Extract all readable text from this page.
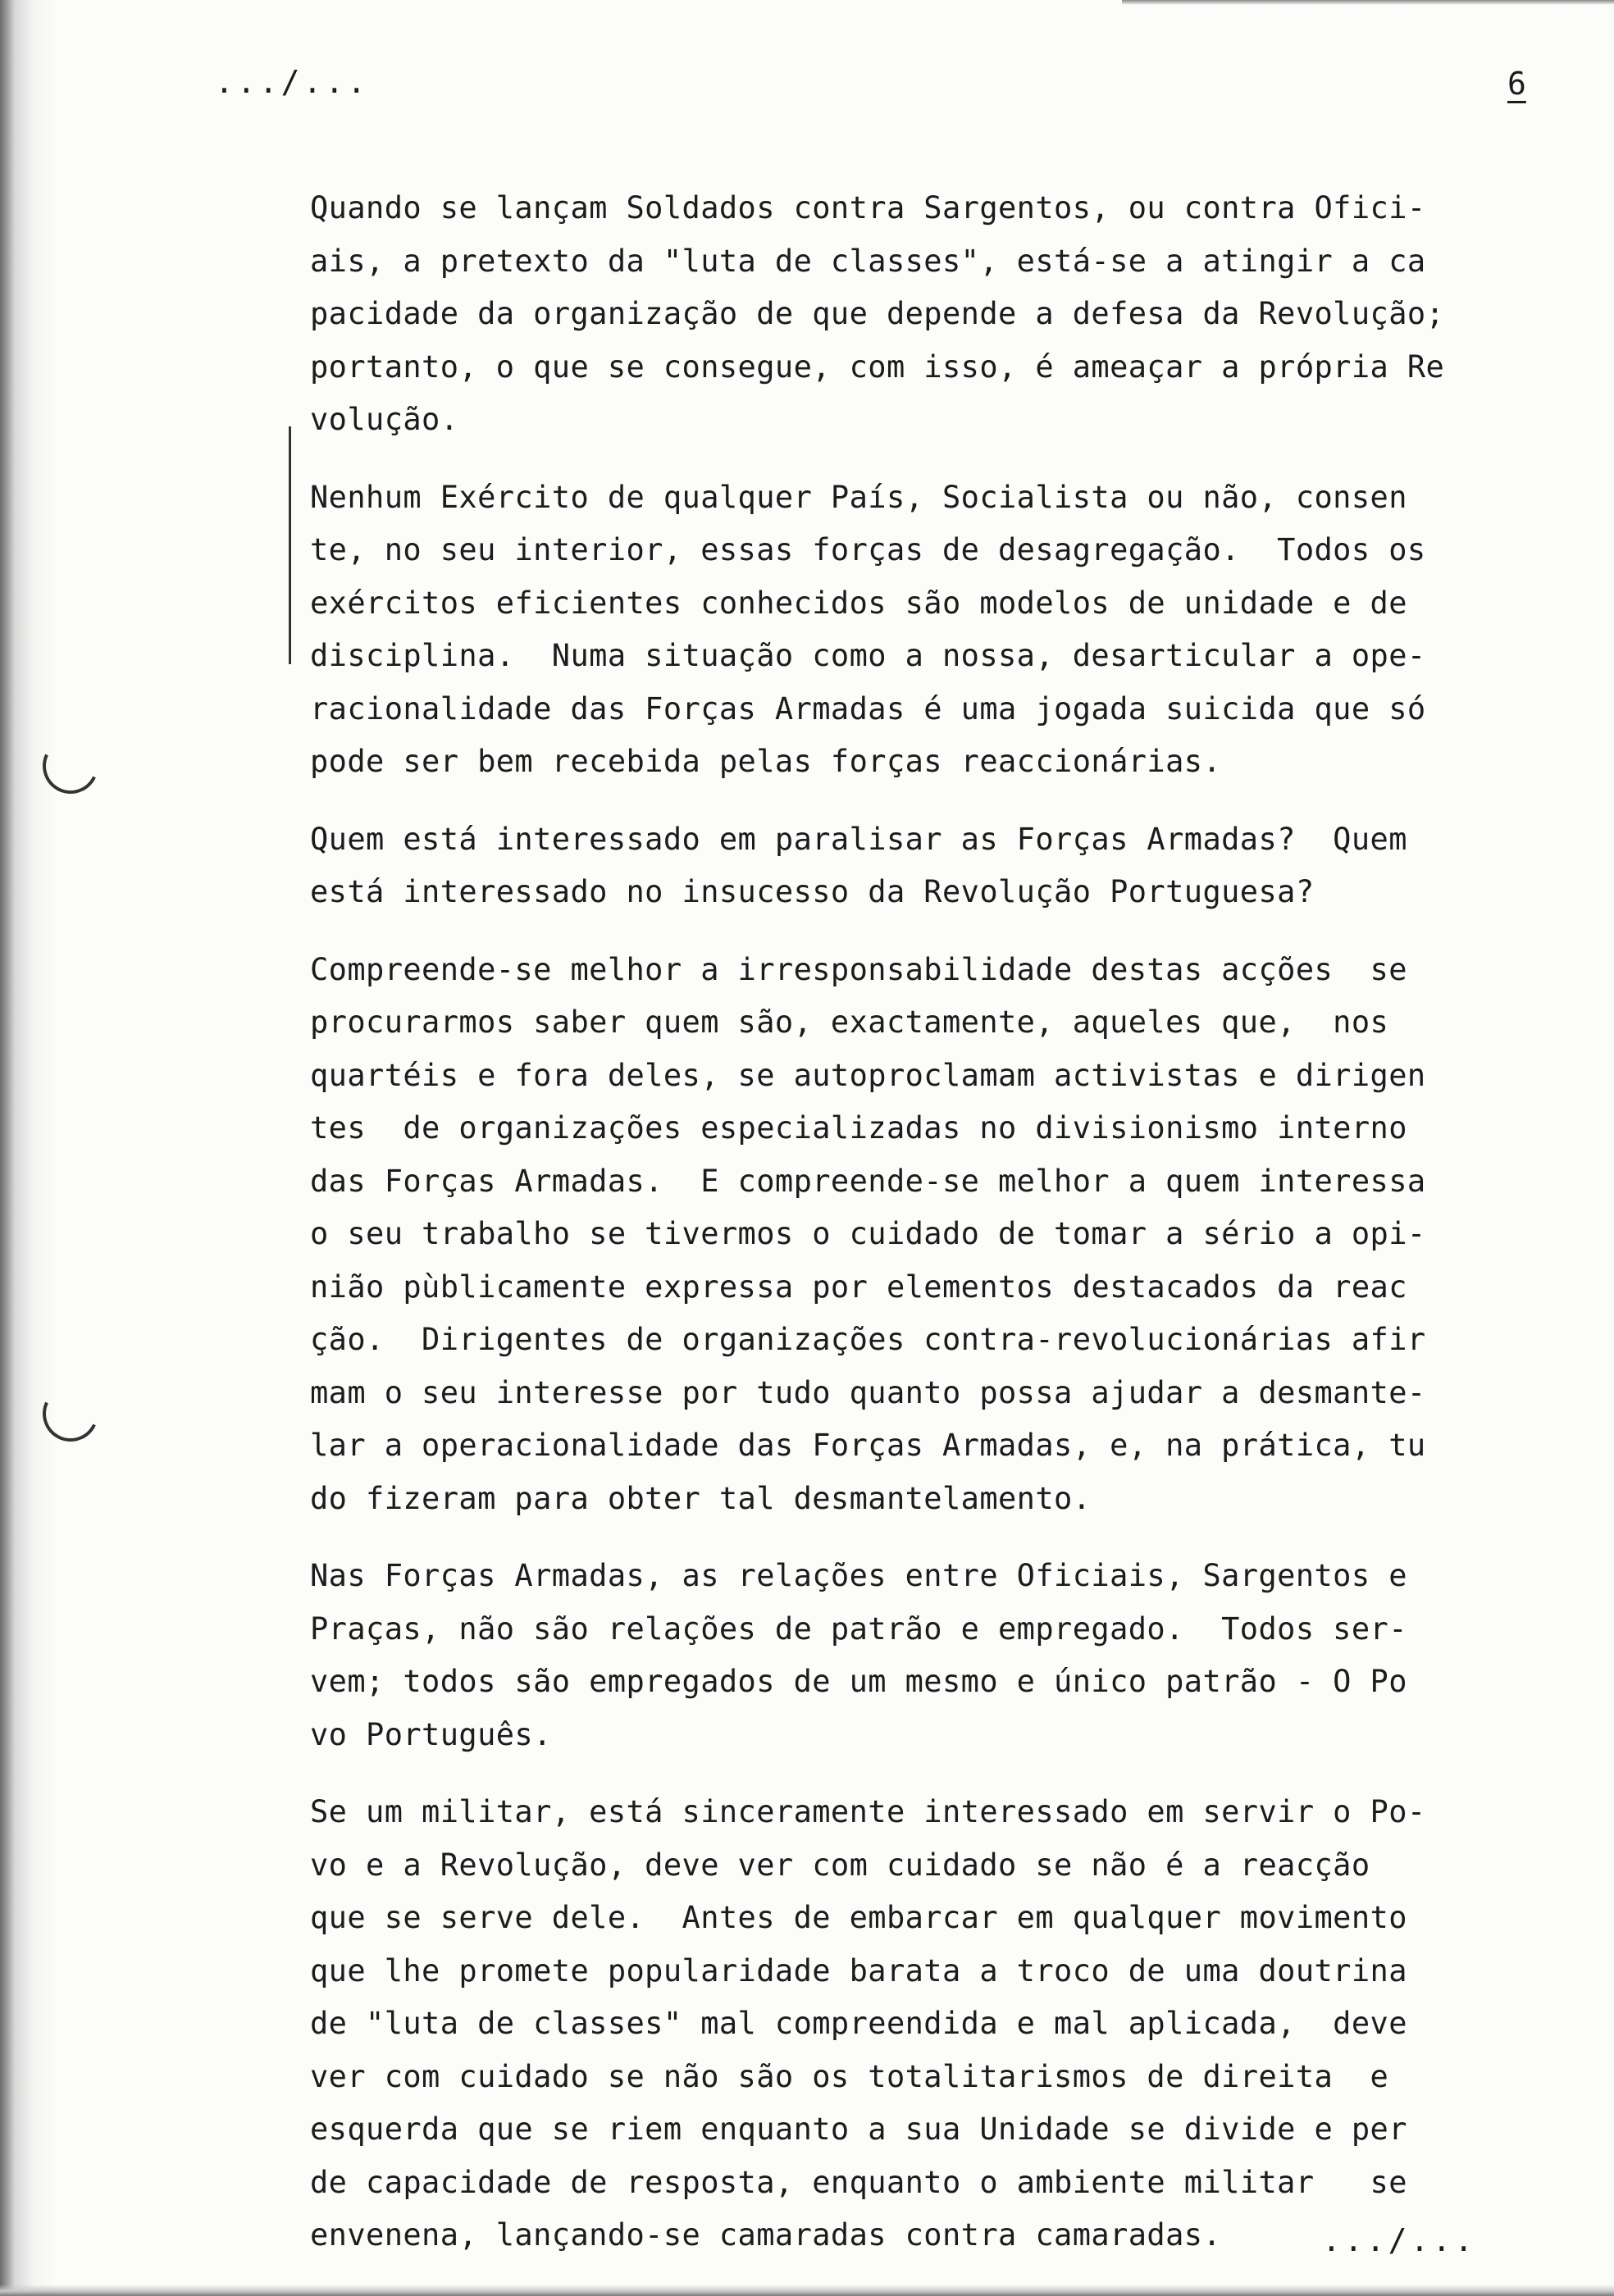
.../...	6
Quando se lançam Soldados contra Sargentos, ou contra Ofici-
ais, a pretexto da "luta de classes", está-se a atingir a ca
pacidade da organização de que depende a defesa da Revolução;
portanto, o que se consegue, com isso, é ameaçar a própria Re
volução.
Nenhum Exército de qualquer País, Socialista ou não, consen
te, no seu interior, essas forças de desagregação.  Todos os
exércitos eficientes conhecidos são modelos de unidade e de
disciplina.  Numa situação como a nossa, desarticular a ope-
racionalidade das Forças Armadas é uma jogada suicida que só
pode ser bem recebida pelas forças reaccionárias.
Quem está interessado em paralisar as Forças Armadas?  Quem
está interessado no insucesso da Revolução Portuguesa?
Compreende-se melhor a irresponsabilidade destas acções  se
procurarmos saber quem são, exactamente, aqueles que,  nos
quartéis e fora deles, se autoproclamam activistas e dirigen
tes  de organizações especializadas no divisionismo interno
das Forças Armadas.  E compreende-se melhor a quem interessa
o seu trabalho se tivermos o cuidado de tomar a sério a opi-
nião pùblicamente expressa por elementos destacados da reac
ção.  Dirigentes de organizações contra-revolucionárias afir
mam o seu interesse por tudo quanto possa ajudar a desmante-
lar a operacionalidade das Forças Armadas, e, na prática, tu
do fizeram para obter tal desmantelamento.
Nas Forças Armadas, as relações entre Oficiais, Sargentos e
Praças, não são relações de patrão e empregado.  Todos ser-
vem; todos são empregados de um mesmo e único patrão - O Po
vo Português.
Se um militar, está sinceramente interessado em servir o Po-
vo e a Revolução, deve ver com cuidado se não é a reacção
que se serve dele.  Antes de embarcar em qualquer movimento
que lhe promete popularidade barata a troco de uma doutrina
de "luta de classes" mal compreendida e mal aplicada,  deve
ver com cuidado se não são os totalitarismos de direita  e
esquerda que se riem enquanto a sua Unidade se divide e per
de capacidade de resposta, enquanto o ambiente militar   se
envenena, lançando-se camaradas contra camaradas.	.../...
